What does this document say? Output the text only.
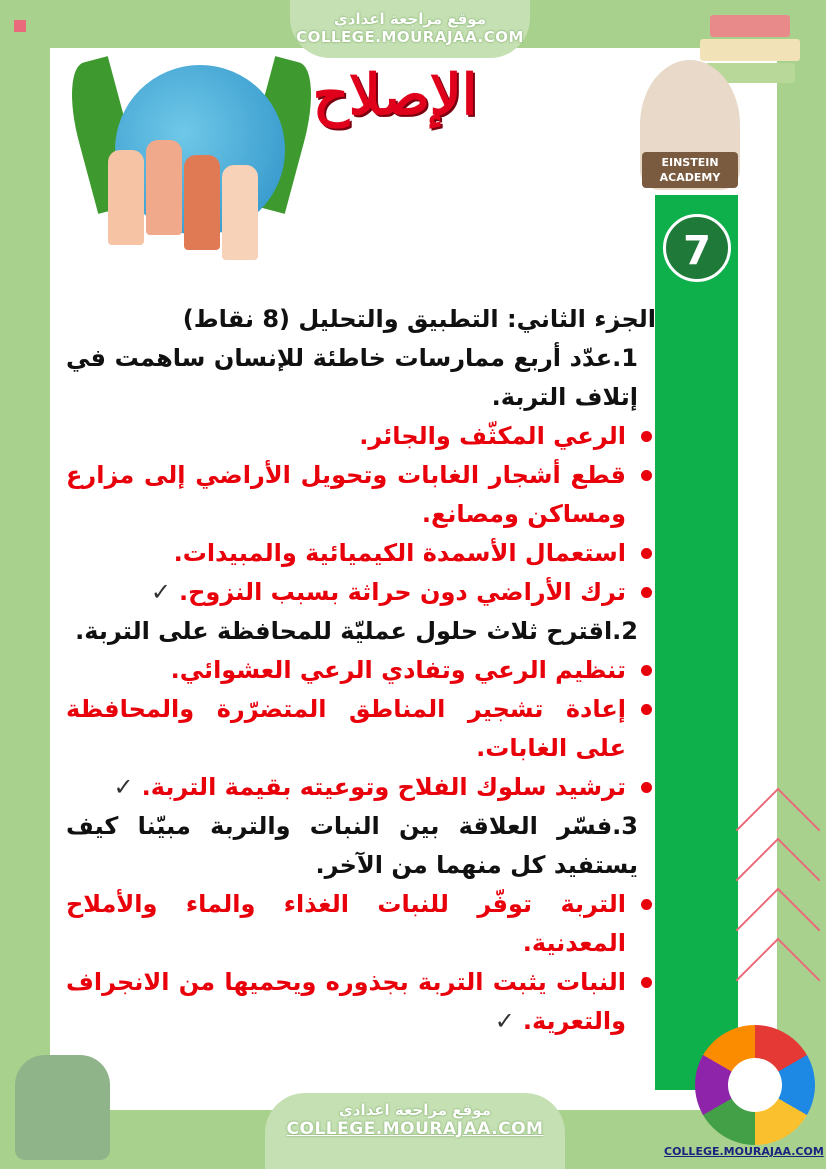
موقع مراجعة اعدادي
COLLEGE.MOURAJAA.COM
الإصلاح
EINSTEIN ACADEMY
7

الجزء الثاني: التطبيق والتحليل (8 نقاط)

1.عدّد أربع ممارسات خاطئة للإنسان ساهمت في إتلاف التربة.

الرعي المكثّف والجائر.

قطع أشجار الغابات وتحويل الأراضي إلى مزارع ومساكن ومصانع.

استعمال الأسمدة الكيميائية والمبيدات.

ترك الأراضي دون حراثة بسبب النزوح.✓

2.اقترح ثلاث حلول عمليّة للمحافظة على التربة.

تنظيم الرعي وتفادي الرعي العشوائي.

إعادة تشجير المناطق المتضرّرة والمحافظة على الغابات.

ترشيد سلوك الفلاح وتوعيته بقيمة التربة.✓

3.فسّر العلاقة بين النبات والتربة مبيّنا كيف يستفيد كل منهما من الآخر.

التربة توفّر للنبات الغذاء والماء والأملاح المعدنية.

النبات يثبت التربة بجذوره ويحميها من الانجراف والتعرية.✓

موقع مراجعة اعدادي
COLLEGE.MOURAJAA.COM
COLLEGE.MOURAJAA.COM
